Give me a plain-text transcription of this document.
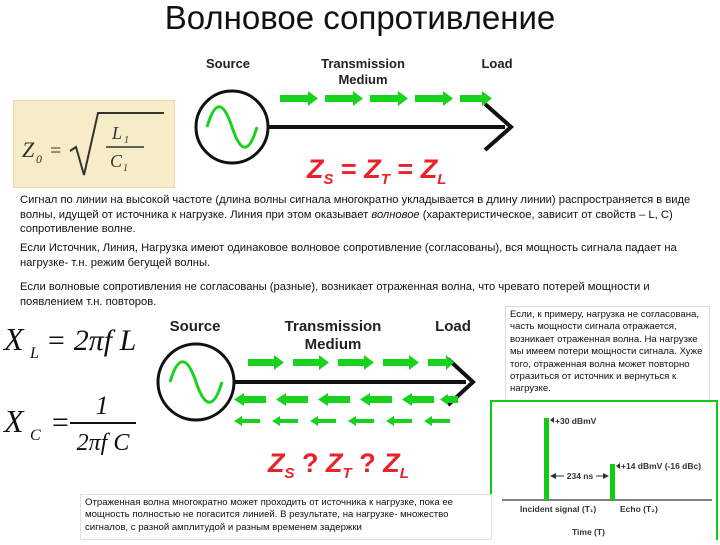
Волновое сопротивление
Z 0 =
L 1
C 1
Source	Transmission
Medium
Load
$Z_S = Z_T = Z_L$
Сигнал по линии на высокой частоте (длина волны сигнала многократно укладывается в длину линии) распространяется в виде волны, идущей от источника к нагрузке. Линия при этом оказывает волновое (характеристическое, зависит от свойств – L, C) сопротивление волне.
Если Источник, Линия, Нагрузка имеют одинаковое волновое сопротивление (согласованы), вся мощность сигнала падает на нагрузке- т.н. режим бегущей волны.
Если волновые сопротивления не согласованы (разные), возникает отраженная волна, что чревато потерей мощности и появлением т.н. повторов.
X L = 2πf L
X C =
1
2πf C
Source	Transmission
Medium
Load
$Z_S$ ? $Z_T$ ? $Z_L$
Если, к примеру, нагрузка не согласована, часть мощности сигнала отражается, возникает отраженная волна. На нагрузке мы имеем потери мощности сигнала. Хуже того, отраженная волна может повторно отразиться от источник и вернуться к нагрузке.
+30 dBmV
+14 dBmV (-16 dBc)
234 ns
Incident signal (T₁)	Echo (T₂)
Time (T)
Отраженная волна многократно может проходить от источника к нагрузке, пока ее мощность полностью не погасится линией. В результате, на нагрузке- множество сигналов, с разной амплитудой и разным временем задержки
